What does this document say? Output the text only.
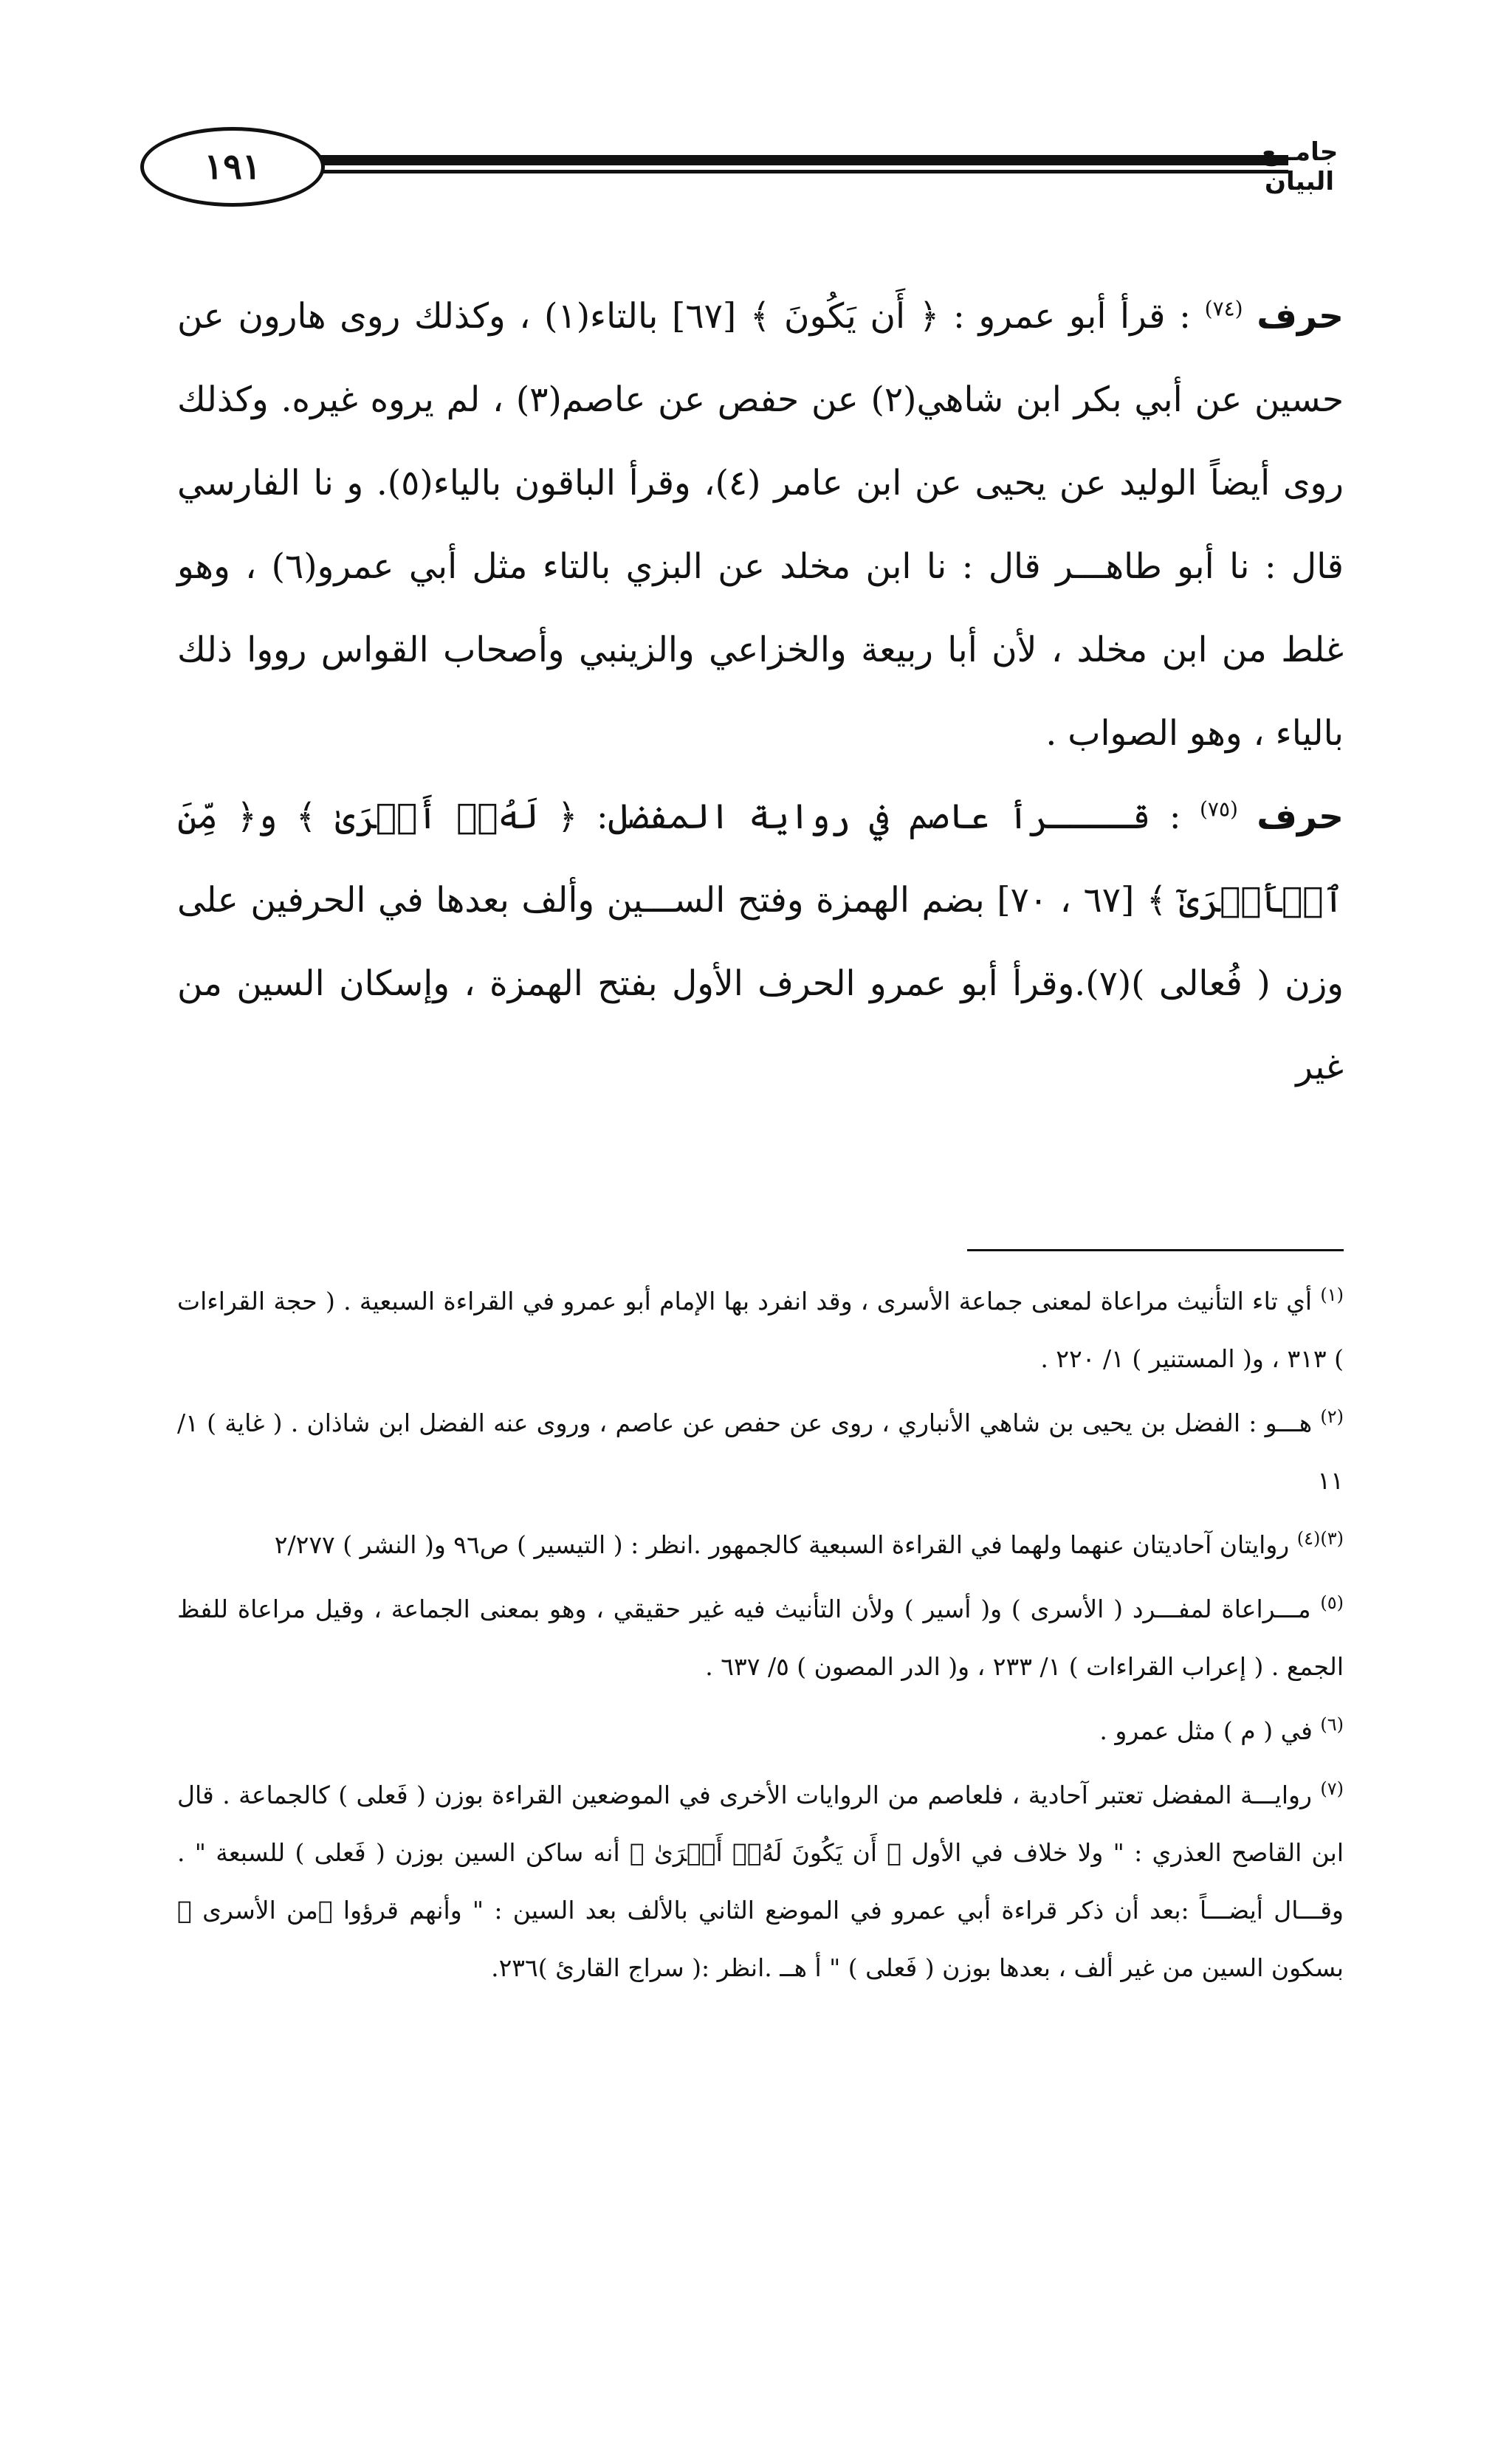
١٩١	جامــع البيان

حرف $^{(٧٤)}$ : قرأ أبو عمرو : ﴿ أَن يَكُونَ ﴾ [٦٧] بالتاء(١) ، وكذلك روى هارون عن حسين عن أبي بكر ابن شاهي(٢) عن حفص عن عاصم(٣) ، لم يروه غيره. وكذلك روى أيضاً الوليد عن يحيى عن ابن عامر (٤)، وقرأ الباقون بالياء(٥). و نا الفارسي قال : نا أبو طاهـــر قال : نا ابن مخلد عن البزي بالتاء مثل أبي عمرو(٦) ، وهو غلط من ابن مخلد ، لأن أبا ربيعة والخزاعي والزينبي وأصحاب القواس رووا ذلك بالياء ، وهو الصواب .

حرف $^{(٧٥)}$ : قــــرأ عاصم في رواية المفضل: ﴿ لَهُۥٓ أَسۡرَىٰ ﴾ و﴿ مِّنَ ٱلۡأَسۡرَىٰٓ ﴾ [٦٧ ، ٧٠] بضم الهمزة وفتح الســـين وألف بعدها في الحرفين على وزن ( فُعالى )(٧).وقرأ أبو عمرو الحرف الأول بفتح الهمزة ، وإسكان السين من غير

$^{(١)}$ أي تاء التأنيث مراعاة لمعنى جماعة الأسرى ، وقد انفرد بها الإمام أبو عمرو في القراءة السبعية . ( حجة القراءات ) ٣١٣ ، و( المستنير ) ١/ ٢٢٠ .

$^{(٢)}$ هـــو : الفضل بن يحيى بن شاهي الأنباري ، روى عن حفص عن عاصم ، وروى عنه الفضل ابن شاذان . ( غاية ) ١/ ١١

$^{(٣)(٤)}$ روايتان آحاديتان عنهما ولهما في القراءة السبعية كالجمهور .انظر : ( التيسير ) ص٩٦ و( النشر ) ٢/٢٧٧

$^{(٥)}$ مـــراعاة لمفـــرد ( الأسرى ) و( أسير ) ولأن التأنيث فيه غير حقيقي ، وهو بمعنى الجماعة ، وقيل مراعاة للفظ الجمع . ( إعراب القراءات ) ١/ ٢٣٣ ، و( الدر المصون ) ٥/ ٦٣٧ .

$^{(٦)}$ في ( م ) مثل عمرو .

$^{(٧)}$ روايـــة المفضل تعتبر آحادية ، فلعاصم من الروايات الأخرى في الموضعين القراءة بوزن ( فَعلى ) كالجماعة . قال ابن القاصح العذري : " ولا خلاف في الأول ﴿ أَن يَكُونَ لَهُۥٓ أَسۡرَىٰ ﴾ أنه ساكن السين بوزن ( فَعلى ) للسبعة " . وقـــال أيضـــاً :بعد أن ذكر قراءة أبي عمرو في الموضع الثاني بالألف بعد السين : " وأنهم قرؤوا ﴿من الأسرى ﴾ بسكون السين من غير ألف ، بعدها بوزن ( فَعلى ) " أ هــ .انظر :( سراج القارئ )٢٣٦.
